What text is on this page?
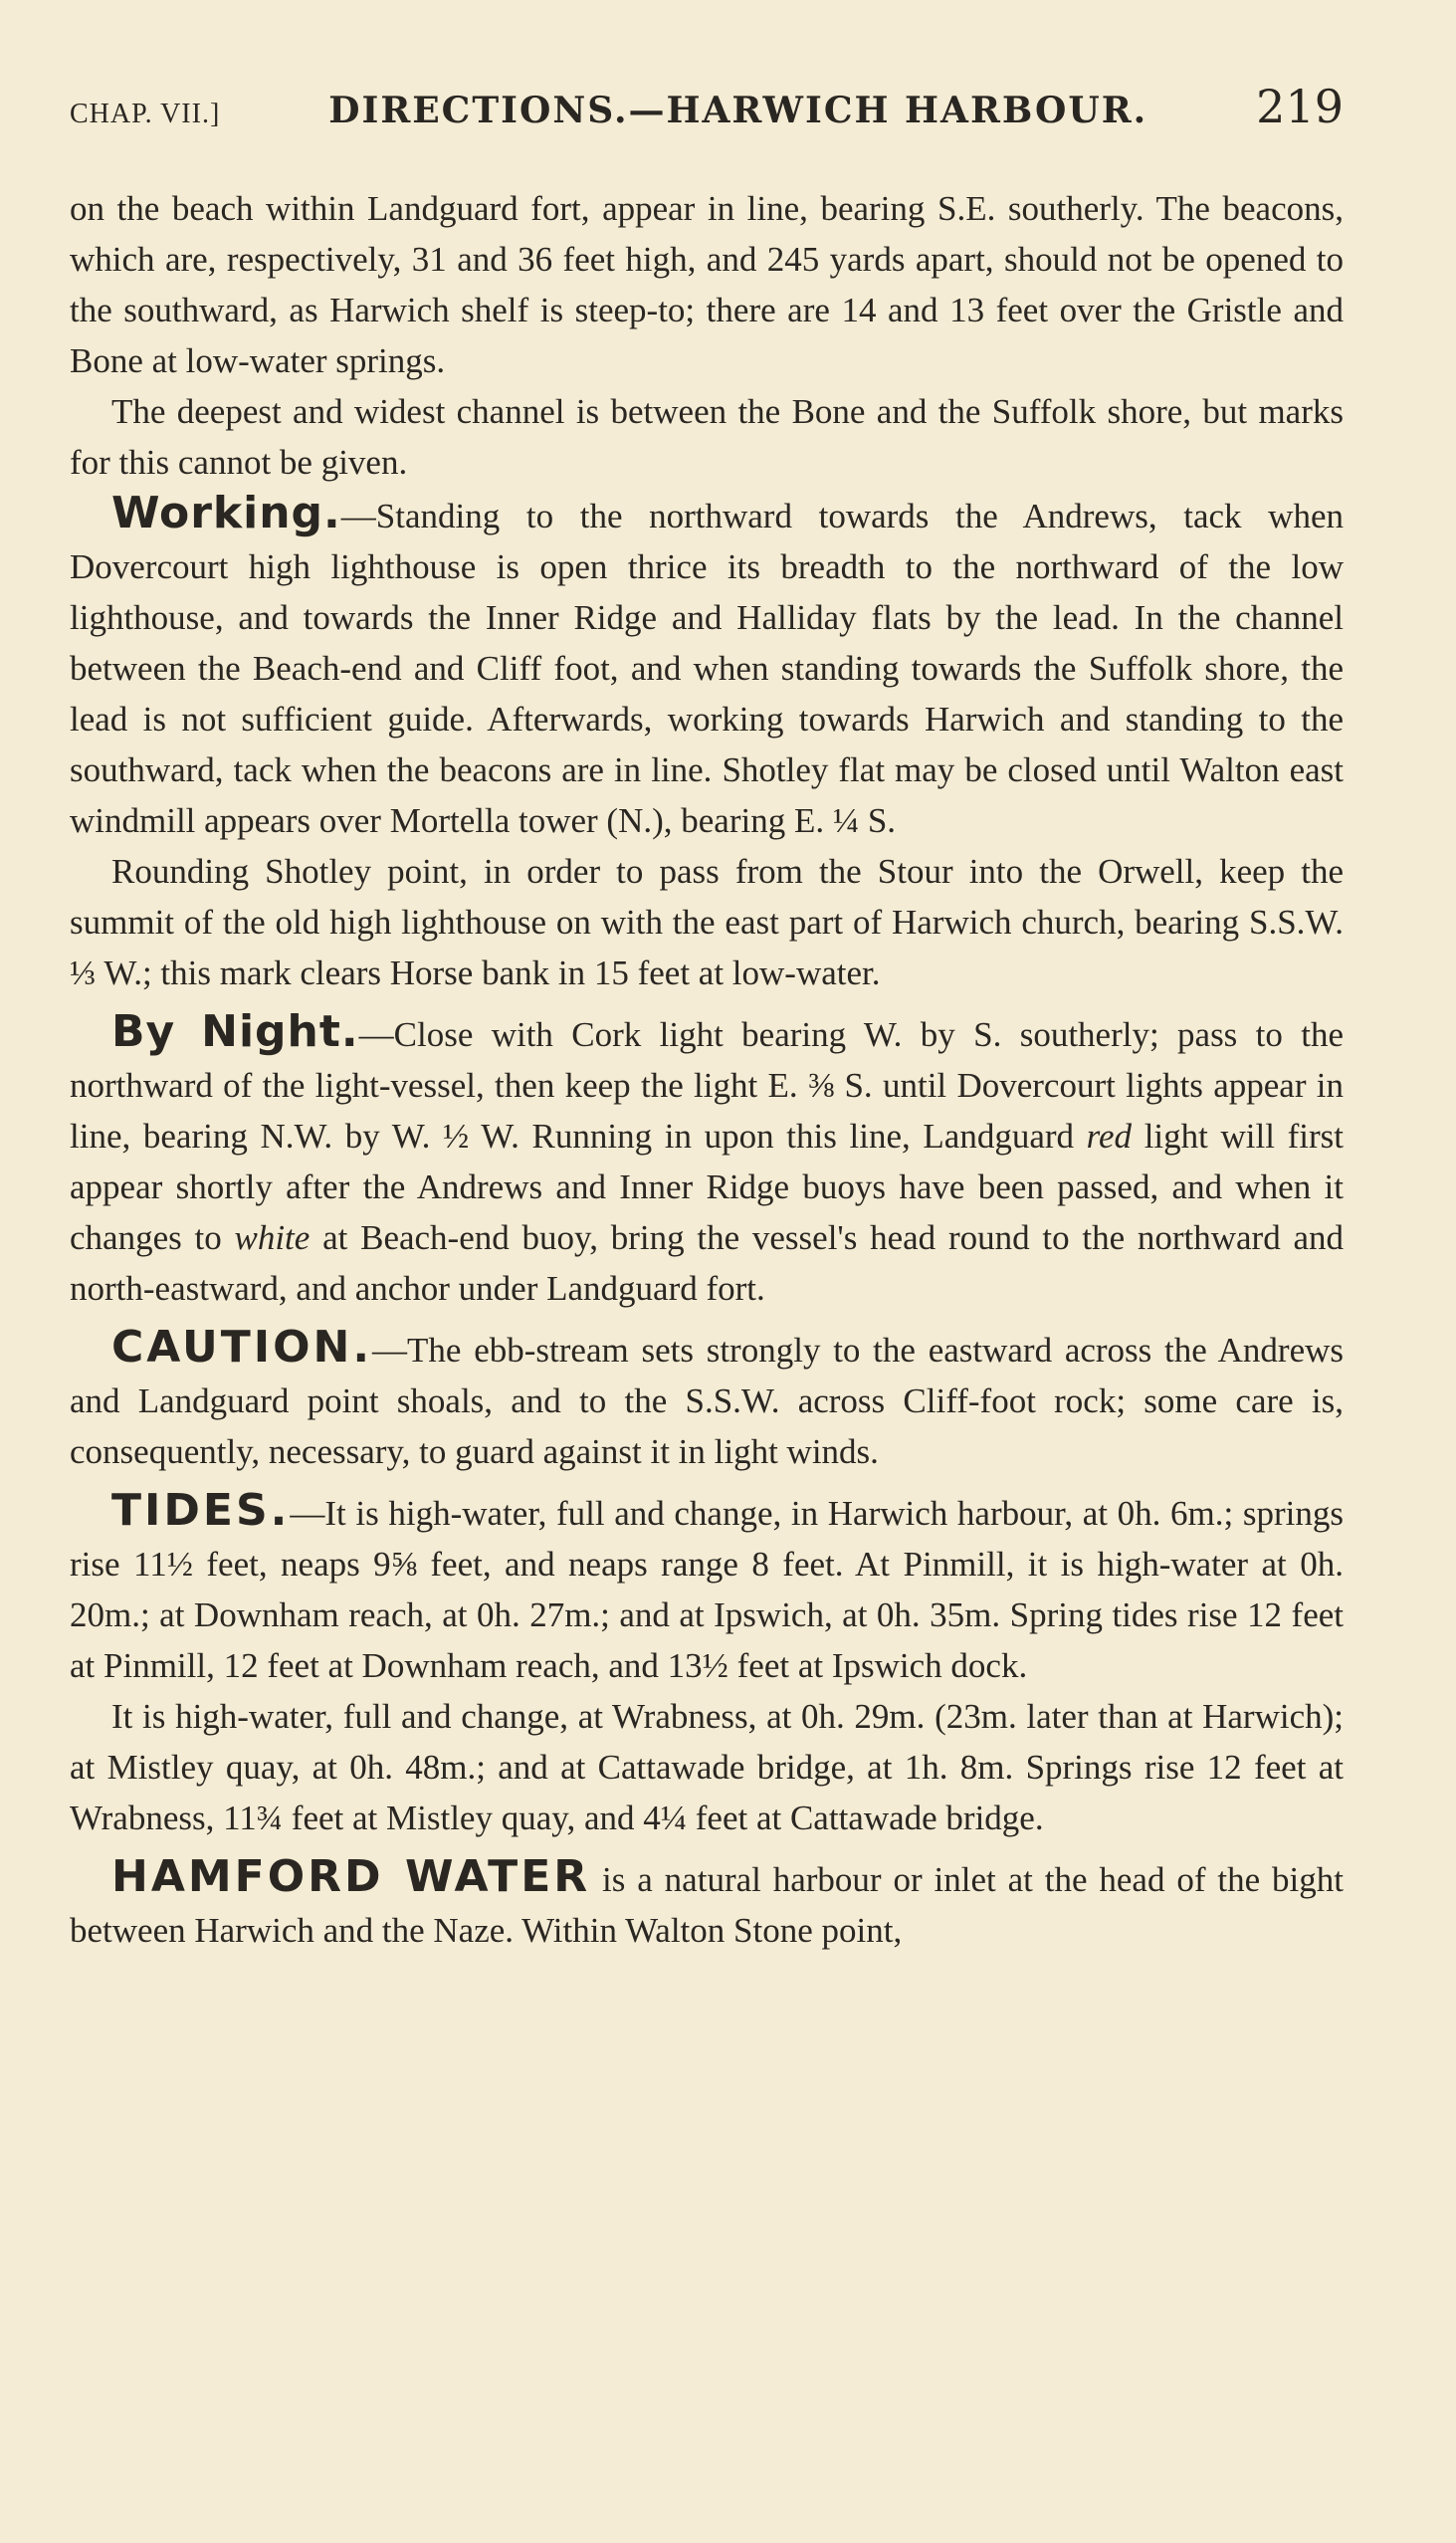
CHAP. VII.]	DIRECTIONS.—HARWICH HARBOUR. 219

on the beach within Landguard fort, appear in line, bearing S.E. southerly. The beacons, which are, respectively, 31 and 36 feet high, and 245 yards apart, should not be opened to the southward, as Harwich shelf is steep-to; there are 14 and 13 feet over the Gristle and Bone at low-water springs.

The deepest and widest channel is between the Bone and the Suffolk shore, but marks for this cannot be given.

Working.—Standing to the northward towards the Andrews, tack when Dovercourt high lighthouse is open thrice its breadth to the northward of the low lighthouse, and towards the Inner Ridge and Halliday flats by the lead. In the channel between the Beach-end and Cliff foot, and when standing towards the Suffolk shore, the lead is not sufficient guide. Afterwards, working towards Harwich and standing to the southward, tack when the beacons are in line. Shotley flat may be closed until Walton east windmill appears over Mortella tower (N.), bearing E. ¼ S.

Rounding Shotley point, in order to pass from the Stour into the Orwell, keep the summit of the old high lighthouse on with the east part of Harwich church, bearing S.S.W. ⅓ W.; this mark clears Horse bank in 15 feet at low-water.

By Night.—Close with Cork light bearing W. by S. southerly; pass to the northward of the light-vessel, then keep the light E. ⅜ S. until Dovercourt lights appear in line, bearing N.W. by W. ½ W. Running in upon this line, Landguard red light will first appear shortly after the Andrews and Inner Ridge buoys have been passed, and when it changes to white at Beach-end buoy, bring the vessel's head round to the northward and north-eastward, and anchor under Landguard fort.

CAUTION.—The ebb-stream sets strongly to the eastward across the Andrews and Landguard point shoals, and to the S.S.W. across Cliff-foot rock; some care is, consequently, necessary, to guard against it in light winds.

TIDES.—It is high-water, full and change, in Harwich harbour, at 0h. 6m.; springs rise 11½ feet, neaps 9⅝ feet, and neaps range 8 feet. At Pinmill, it is high-water at 0h. 20m.; at Downham reach, at 0h. 27m.; and at Ipswich, at 0h. 35m. Spring tides rise 12 feet at Pinmill, 12 feet at Downham reach, and 13½ feet at Ipswich dock.

It is high-water, full and change, at Wrabness, at 0h. 29m. (23m. later than at Harwich); at Mistley quay, at 0h. 48m.; and at Cattawade bridge, at 1h. 8m. Springs rise 12 feet at Wrabness, 11¾ feet at Mistley quay, and 4¼ feet at Cattawade bridge.

HAMFORD WATER is a natural harbour or inlet at the head of the bight between Harwich and the Naze. Within Walton Stone point,
